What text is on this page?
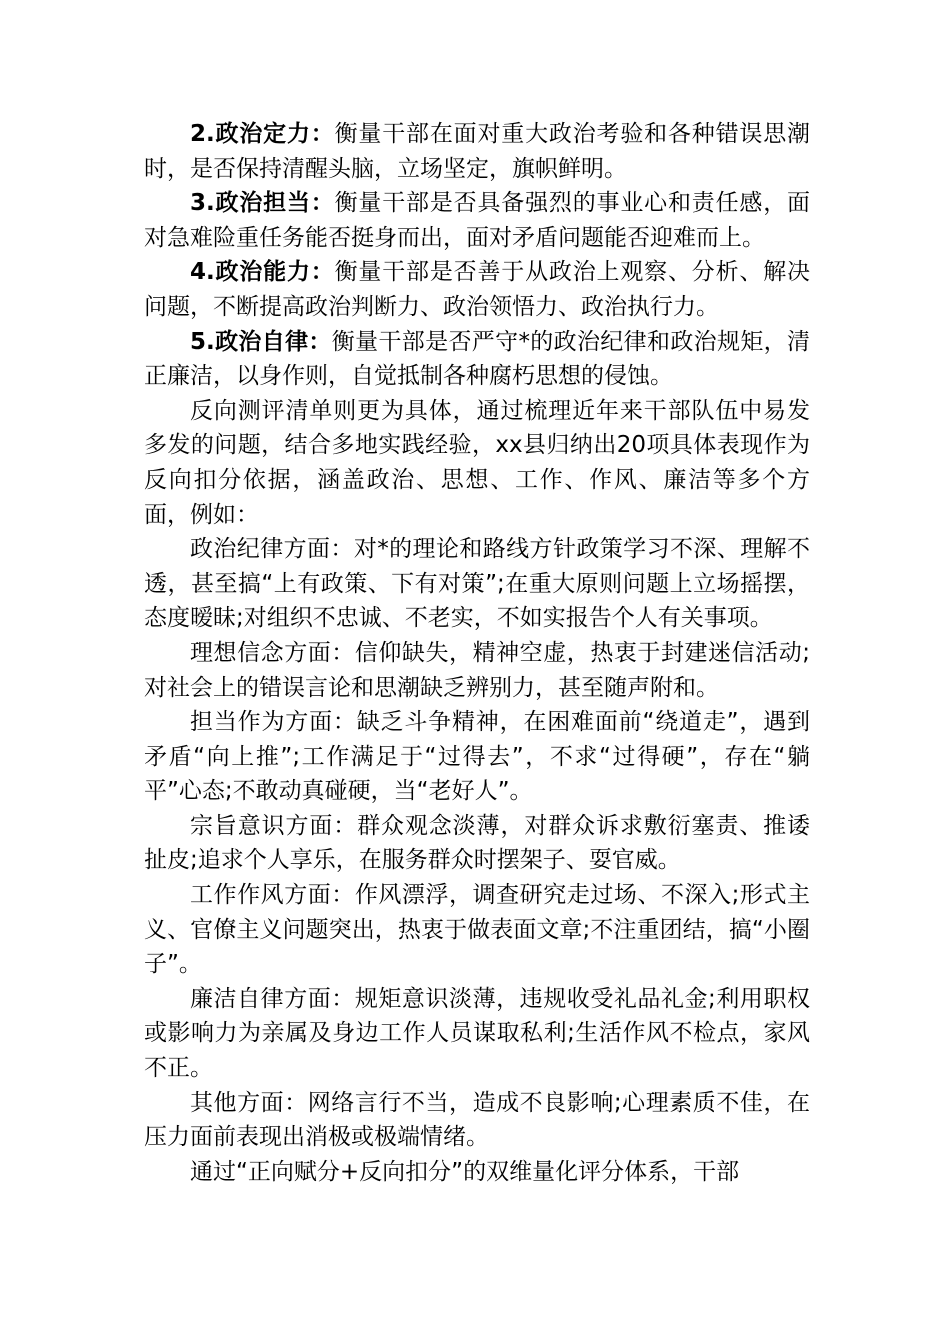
2.政治定力：衡量干部在面对重大政治考验和各种错误思潮时，是否保持清醒头脑，立场坚定，旗帜鲜明。

3.政治担当：衡量干部是否具备强烈的事业心和责任感，面对急难险重任务能否挺身而出，面对矛盾问题能否迎难而上。

4.政治能力：衡量干部是否善于从政治上观察、分析、解决问题，不断提高政治判断力、政治领悟力、政治执行力。

5.政治自律：衡量干部是否严守*的政治纪律和政治规矩，清正廉洁，以身作则，自觉抵制各种腐朽思想的侵蚀。

反向测评清单则更为具体，通过梳理近年来干部队伍中易发多发的问题，结合多地实践经验，xx县归纳出20项具体表现作为反向扣分依据，涵盖政治、思想、工作、作风、廉洁等多个方面，例如：

政治纪律方面：对*的理论和路线方针政策学习不深、理解不透，甚至搞“上有政策、下有对策”;在重大原则问题上立场摇摆，态度暧昧;对组织不忠诚、不老实，不如实报告个人有关事项。

理想信念方面：信仰缺失，精神空虚，热衷于封建迷信活动;对社会上的错误言论和思潮缺乏辨别力，甚至随声附和。

担当作为方面：缺乏斗争精神，在困难面前“绕道走”，遇到矛盾“向上推”;工作满足于“过得去”，不求“过得硬”，存在“躺平”心态;不敢动真碰硬，当“老好人”。

宗旨意识方面：群众观念淡薄，对群众诉求敷衍塞责、推诿扯皮;追求个人享乐，在服务群众时摆架子、耍官威。

工作作风方面：作风漂浮，调查研究走过场、不深入;形式主义、官僚主义问题突出，热衷于做表面文章;不注重团结，搞“小圈子”。

廉洁自律方面：规矩意识淡薄，违规收受礼品礼金;利用职权或影响力为亲属及身边工作人员谋取私利;生活作风不检点，家风不正。

其他方面：网络言行不当，造成不良影响;心理素质不佳，在压力面前表现出消极或极端情绪。

通过“正向赋分+反向扣分”的双维量化评分体系，干部
